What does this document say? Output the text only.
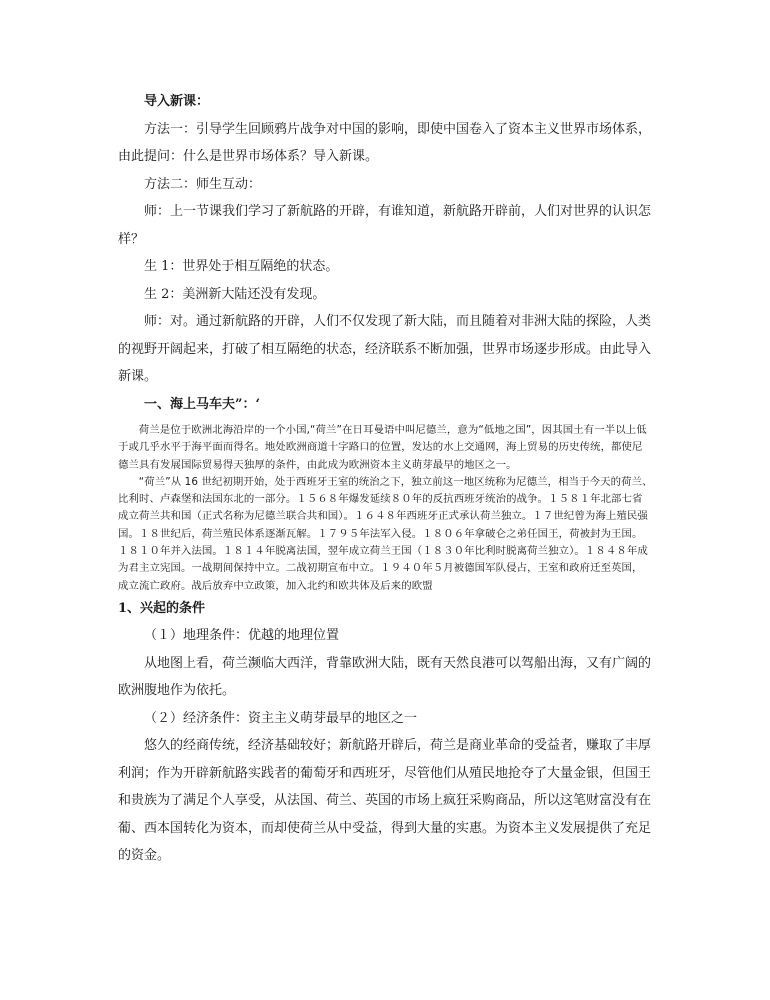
导入新课：

方法一：引导学生回顾鸦片战争对中国的影响，即使中国卷入了资本主义世界市场体系，由此提问：什么是世界市场体系？导入新课。

方法二：师生互动：

师：上一节课我们学习了新航路的开辟，有谁知道，新航路开辟前，人们对世界的认识怎样？

生 1：世界处于相互隔绝的状态。

生 2：美洲新大陆还没有发现。

师：对。通过新航路的开辟，人们不仅发现了新大陆，而且随着对非洲大陆的探险，人类的视野开阔起来，打破了相互隔绝的状态，经济联系不断加强，世界市场逐步形成。由此导入新课。

一、海上马车夫”：‘

荷兰是位于欧洲北海沿岸的一个小国,“荷兰”在日耳曼语中叫尼德兰，意为“低地之国”，因其国土有一半以上低于或几乎水平于海平面而得名。地处欧洲商道十字路口的位置，发达的水上交通网，海上贸易的历史传统，都使尼德兰具有发展国际贸易得天独厚的条件，由此成为欧洲资本主义萌芽最早的地区之一。

“荷兰”从 16 世纪初期开始，处于西班牙王室的统治之下，独立前这一地区统称为尼德兰，相当于今天的荷兰、比利时、卢森堡和法国东北的一部分。１５６８年爆发延续８０年的反抗西班牙统治的战争。１５８１年北部七省成立荷兰共和国（正式名称为尼德兰联合共和国）。１６４８年西班牙正式承认荷兰独立。１７世纪曾为海上殖民强国。１８世纪后，荷兰殖民体系逐渐瓦解。１７９５年法军入侵。１８０６年拿破仑之弟任国王，荷被封为王国。１８１０年并入法国。１８１４年脱离法国，翌年成立荷兰王国（１８３０年比利时脱离荷兰独立）。１８４８年成为君主立宪国。一战期间保持中立。二战初期宣布中立。１９４０年５月被德国军队侵占，王室和政府迁至英国，成立流亡政府。战后放弃中立政策，加入北约和欧共体及后来的欧盟

1、兴起的条件

（１）地理条件：优越的地理位置

从地图上看，荷兰濒临大西洋，背靠欧洲大陆，既有天然良港可以驾船出海，又有广阔的欧洲腹地作为依托。

（２）经济条件：资主主义萌芽最早的地区之一

悠久的经商传统，经济基础较好；新航路开辟后，荷兰是商业革命的受益者，赚取了丰厚利润；作为开辟新航路实践者的葡萄牙和西班牙，尽管他们从殖民地抢夺了大量金银，但国王和贵族为了满足个人享受，从法国、荷兰、英国的市场上疯狂采购商品，所以这笔财富没有在葡、西本国转化为资本，而却使荷兰从中受益，得到大量的实惠。为资本主义发展提供了充足的资金。
